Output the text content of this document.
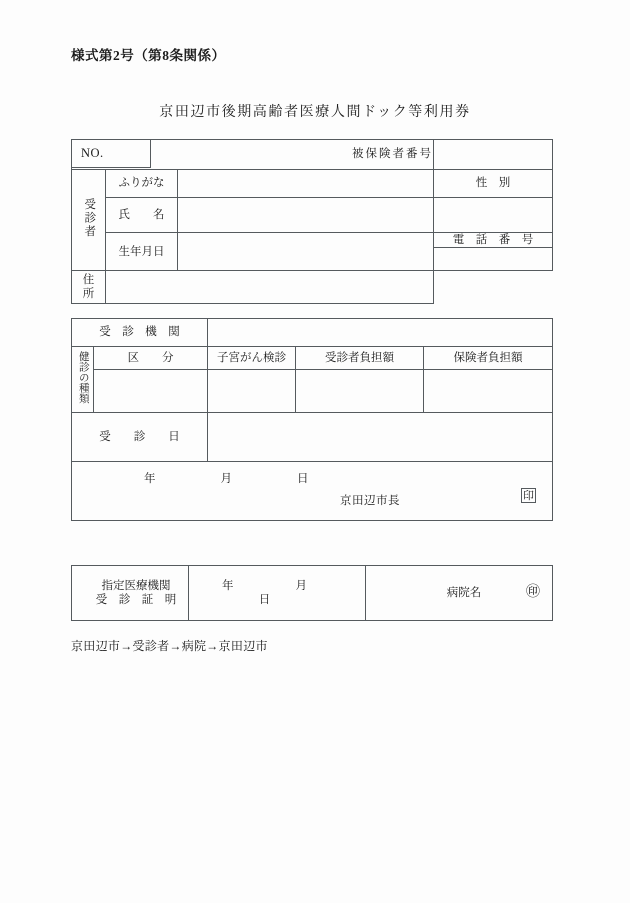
様式第2号（第8条関係）
京田辺市後期高齢者医療人間ドック等利用券
NO.
		被保険者番号	
受診者	ふりがな		性　別
	氏　　名		
	生年月日		電　話　番　号

住　　所			
受　診　機　関				
健診の種類	区　　分	子宮がん検診	受診者負担額	保険者負担額

受　　診　　日				

年　　月　　日
京田辺市長 印				
指定医療機関
受　診　証　明
	年　　月　　日	病院名	㊞
京田辺市→受診者→病院→京田辺市
